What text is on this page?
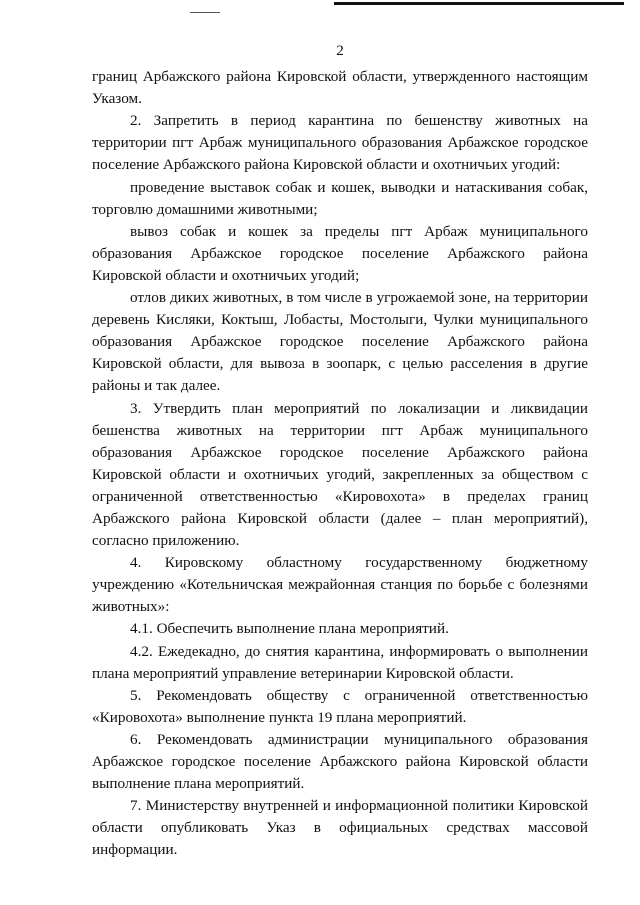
2

границ Арбажского района Кировской области, утвержденного настоящим Указом.

2. Запретить в период карантина по бешенству животных на территории пгт Арбаж муниципального образования Арбажское городское поселение Арбажского района Кировской области и охотничьих угодий:

проведение выставок собак и кошек, выводки и натаскивания собак, торговлю домашними животными;

вывоз собак и кошек за пределы пгт Арбаж муниципального образования Арбажское городское поселение Арбажского района Кировской области и охотничьих угодий;

отлов диких животных, в том числе в угрожаемой зоне, на территории деревень Кисляки, Коктыш, Лобасты, Мостолыги, Чулки муниципального образования Арбажское городское поселение Арбажского района Кировской области, для вывоза в зоопарк, с целью расселения в другие районы и так далее.

3. Утвердить план мероприятий по локализации и ликвидации бешенства животных на территории пгт Арбаж муниципального образования Арбажское городское поселение Арбажского района Кировской области и охотничьих угодий, закрепленных за обществом с ограниченной ответственностью «Кировохота» в пределах границ Арбажского района Кировской области (далее – план мероприятий), согласно приложению.

4. Кировскому областному государственному бюджетному учреждению «Котельничская межрайонная станция по борьбе с болезнями животных»:

4.1. Обеспечить выполнение плана мероприятий.

4.2. Ежедекадно, до снятия карантина, информировать о выполнении плана мероприятий управление ветеринарии Кировской области.

5. Рекомендовать обществу с ограниченной ответственностью «Кировохота» выполнение пункта 19 плана мероприятий.

6. Рекомендовать администрации муниципального образования Арбажское городское поселение Арбажского района Кировской области выполнение плана мероприятий.

7. Министерству внутренней и информационной политики Кировской области опубликовать Указ в официальных средствах массовой информации.
